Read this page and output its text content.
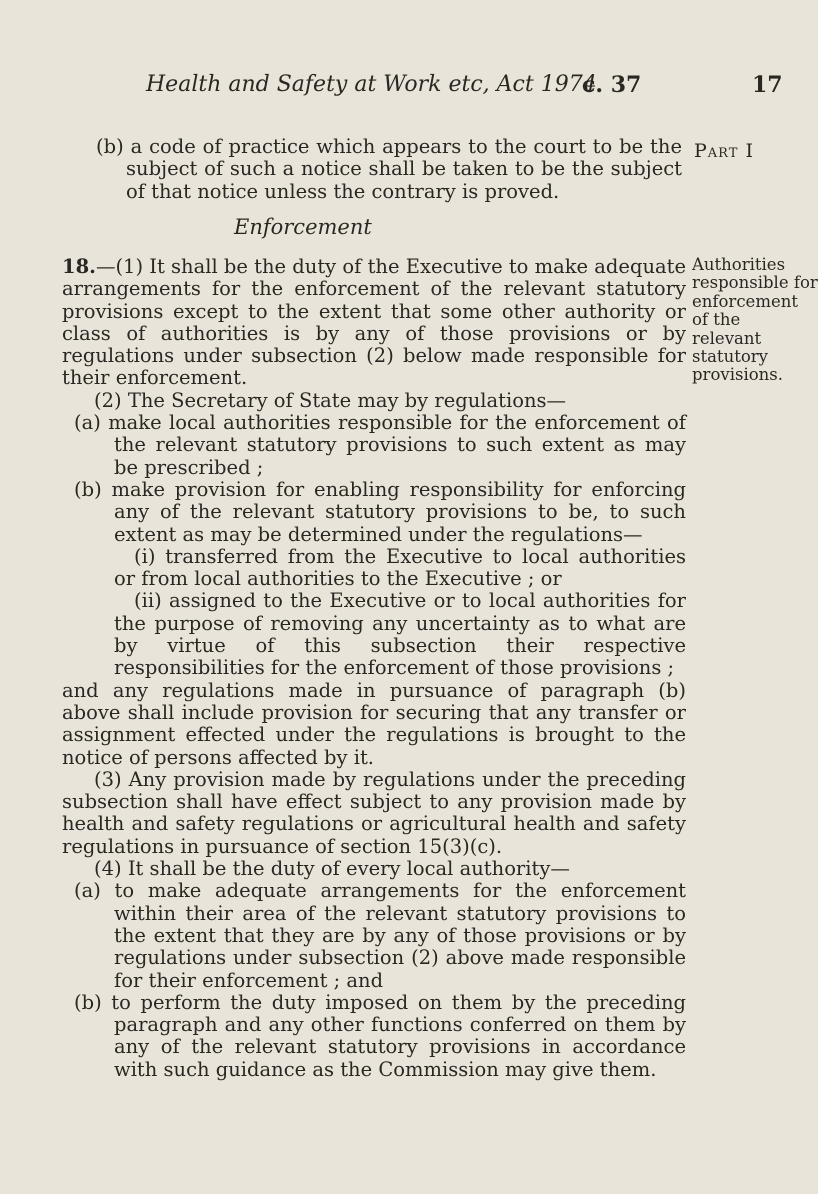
Health and Safety at Work etc, Act 1974
c. 37	17
Part I

(b) a code of practice which appears to the court to be the subject of such a notice shall be taken to be the subject of that notice unless the contrary is proved.

Enforcement
Authorities
responsible for
enforcement
of the
relevant
statutory
provisions.

18.—(1) It shall be the duty of the Executive to make adequate arrangements for the enforcement of the relevant statutory provisions except to the extent that some other authority or class of authorities is by any of those provisions or by regulations under subsection (2) below made responsible for their enforcement.

(2) The Secretary of State may by regulations—

(a) make local authorities responsible for the enforcement of the relevant statutory provisions to such extent as may be prescribed ;

(b) make provision for enabling responsibility for enforcing any of the relevant statutory provisions to be, to such extent as may be determined under the regulations—

(i) transferred from the Executive to local authorities or from local authorities to the Executive ; or

(ii) assigned to the Executive or to local authorities for the purpose of removing any uncertainty as to what are by virtue of this subsection their respective responsibilities for the enforcement of those provisions ;

and any regulations made in pursuance of paragraph (b) above shall include provision for securing that any transfer or assignment effected under the regulations is brought to the notice of persons affected by it.

(3) Any provision made by regulations under the preceding subsection shall have effect subject to any provision made by health and safety regulations or agricultural health and safety regulations in pursuance of section 15(3)(c).

(4) It shall be the duty of every local authority—

(a) to make adequate arrangements for the enforcement within their area of the relevant statutory provisions to the extent that they are by any of those provisions or by regulations under subsection (2) above made responsible for their enforcement ; and

(b) to perform the duty imposed on them by the preceding paragraph and any other functions conferred on them by any of the relevant statutory provisions in accordance with such guidance as the Commission may give them.
